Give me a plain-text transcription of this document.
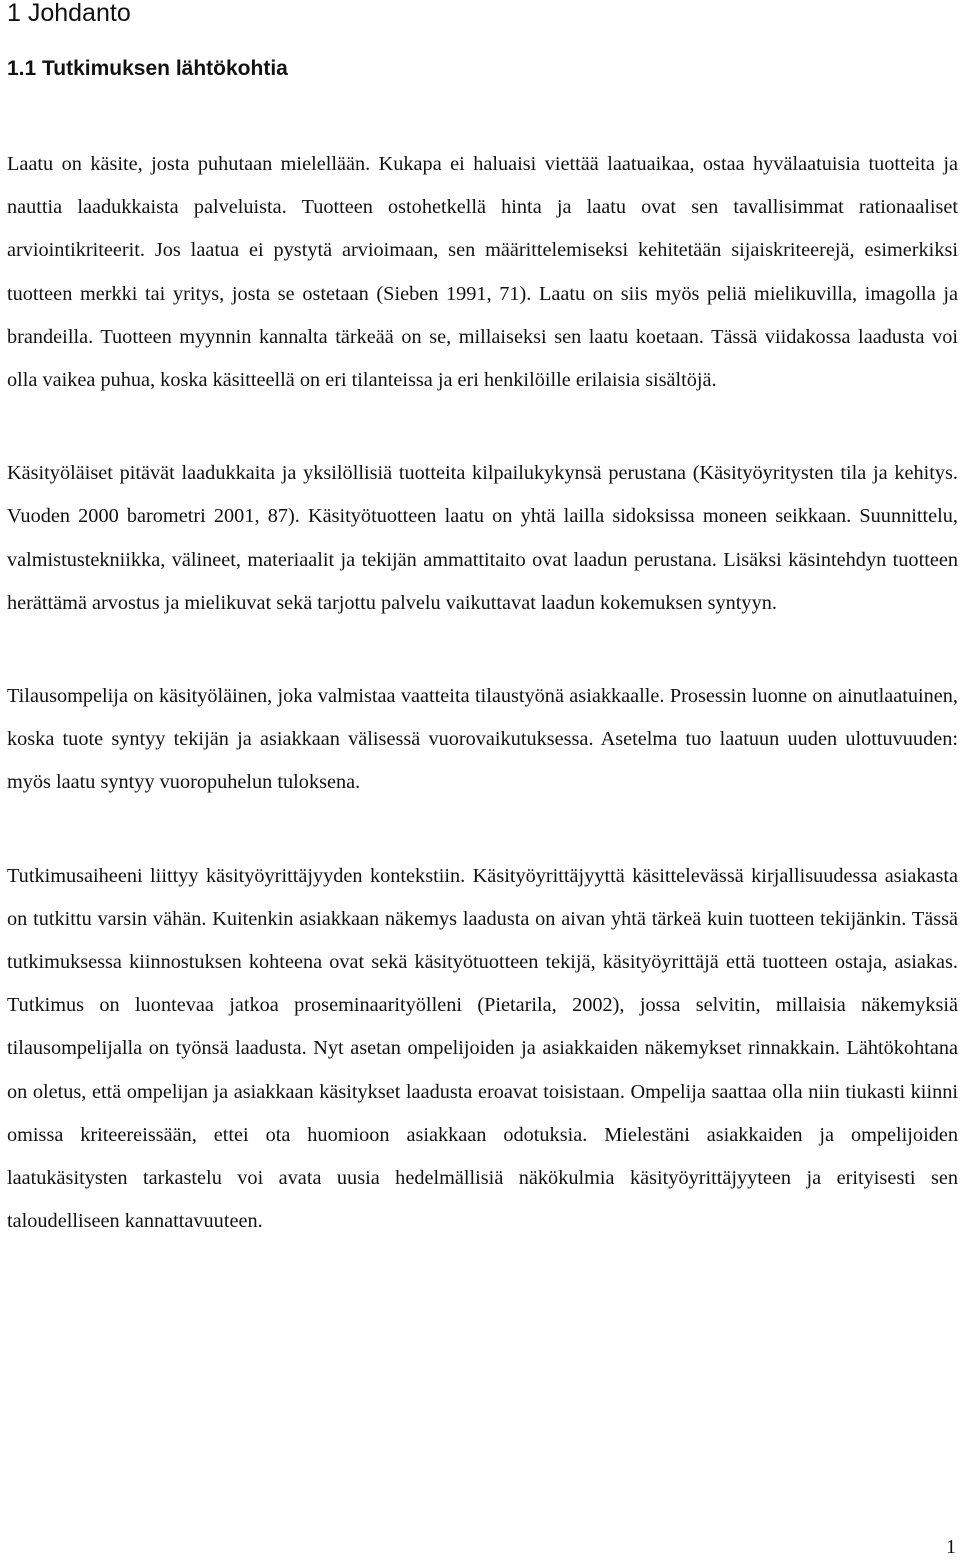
1 Johdanto
1.1 Tutkimuksen lähtökohtia

Laatu on käsite, josta puhutaan mielellään. Kukapa ei haluaisi viettää laatuaikaa, ostaa hyvälaatuisia tuotteita ja nauttia laadukkaista palveluista. Tuotteen ostohetkellä hinta ja laatu ovat sen tavallisimmat rationaaliset arviointikriteerit. Jos laatua ei pystytä arvioimaan, sen määrittelemiseksi kehitetään sijaiskriteerejä, esimerkiksi tuotteen merkki tai yritys, josta se ostetaan (Sieben 1991, 71). Laatu on siis myös peliä mielikuvilla, imagolla ja brandeilla. Tuotteen myynnin kannalta tärkeää on se, millaiseksi sen laatu koetaan. Tässä viidakossa laadusta voi olla vaikea puhua, koska käsitteellä on eri tilanteissa ja eri henkilöille erilaisia sisältöjä.

Käsityöläiset pitävät laadukkaita ja yksilöllisiä tuotteita kilpailukykynsä perustana (Käsityöyritysten tila ja kehitys. Vuoden 2000 barometri 2001, 87). Käsityötuotteen laatu on yhtä lailla sidoksissa moneen seikkaan. Suunnittelu, valmistustekniikka, välineet, materiaalit ja tekijän ammattitaito ovat laadun perustana. Lisäksi käsintehdyn tuotteen herättämä arvostus ja mielikuvat sekä tarjottu palvelu vaikuttavat laadun kokemuksen syntyyn.

Tilausompelija on käsityöläinen, joka valmistaa vaatteita tilaustyönä asiakkaalle. Prosessin luonne on ainutlaatuinen, koska tuote syntyy tekijän ja asiakkaan välisessä vuorovaikutuksessa. Asetelma tuo laatuun uuden ulottuvuuden: myös laatu syntyy vuoropuhelun tuloksena.

Tutkimusaiheeni liittyy käsityöyrittäjyyden kontekstiin. Käsityöyrittäjyyttä käsittelevässä kirjallisuudessa asiakasta on tutkittu varsin vähän. Kuitenkin asiakkaan näkemys laadusta on aivan yhtä tärkeä kuin tuotteen tekijänkin. Tässä tutkimuksessa kiinnostuksen kohteena ovat sekä käsityötuotteen tekijä, käsityöyrittäjä että tuotteen ostaja, asiakas. Tutkimus on luontevaa jatkoa proseminaarityölleni (Pietarila, 2002), jossa selvitin, millaisia näkemyksiä tilausompelijalla on työnsä laadusta. Nyt asetan ompelijoiden ja asiakkaiden näkemykset rinnakkain. Lähtökohtana on oletus, että ompelijan ja asiakkaan käsitykset laadusta eroavat toisistaan. Ompelija saattaa olla niin tiukasti kiinni omissa kriteereissään, ettei ota huomioon asiakkaan odotuksia. Mielestäni asiakkaiden ja ompelijoiden laatukäsitysten tarkastelu voi avata uusia hedelmällisiä näkökulmia käsityöyrittäjyyteen ja erityisesti sen taloudelliseen kannattavuuteen.

1
